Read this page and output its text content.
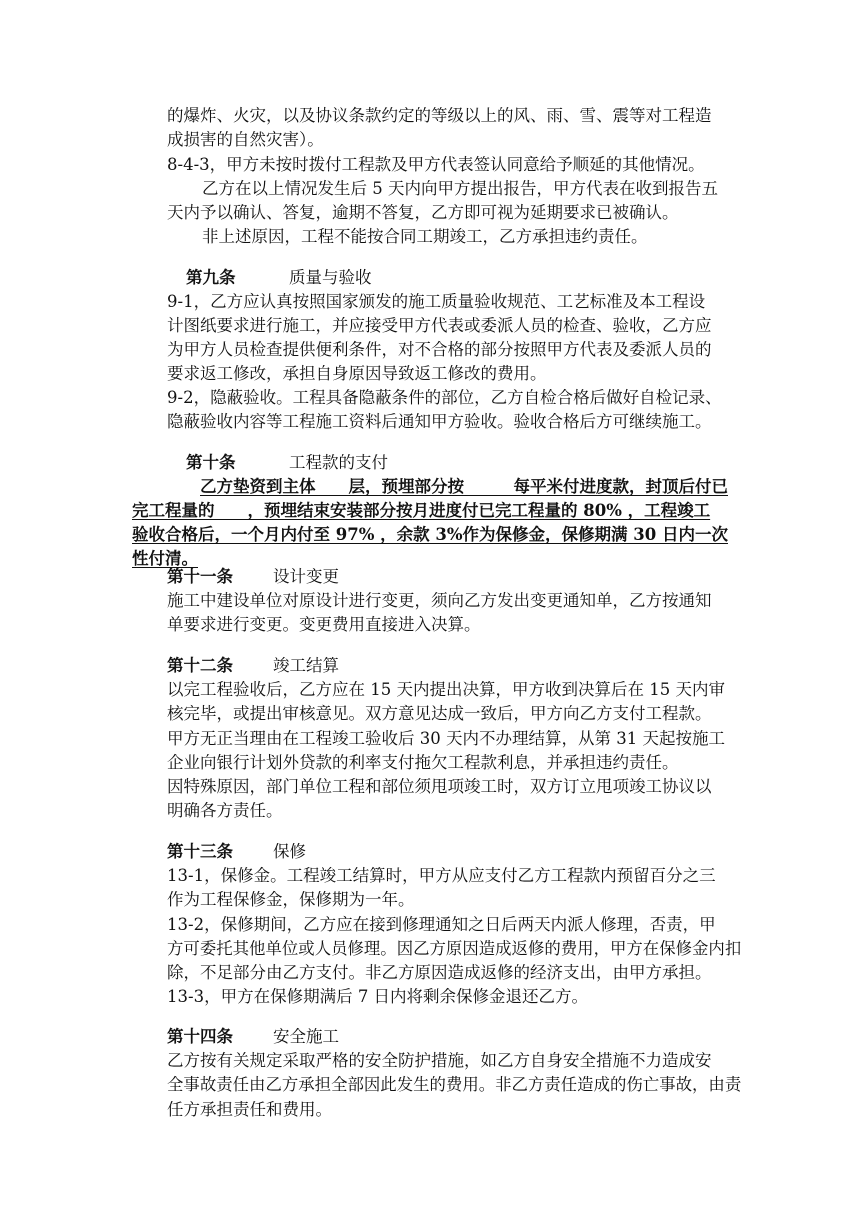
的爆炸、火灾，以及协议条款约定的等级以上的风、雨、雪、震等对工程造
成损害的自然灾害）。
8-4-3，甲方未按时拨付工程款及甲方代表签认同意给予顺延的其他情况。
乙方在以上情况发生后 5 天内向甲方提出报告，甲方代表在收到报告五
天内予以确认、答复，逾期不答复，乙方即可视为延期要求已被确认。
非上述原因，工程不能按合同工期竣工，乙方承担违约责任。
第九条	质量与验收
9-1，乙方应认真按照国家颁发的施工质量验收规范、工艺标准及本工程设
计图纸要求进行施工，并应接受甲方代表或委派人员的检查、验收，乙方应
为甲方人员检查提供便利条件，对不合格的部分按照甲方代表及委派人员的
要求返工修改，承担自身原因导致返工修改的费用。
9-2，隐蔽验收。工程具备隐蔽条件的部位，乙方自检合格后做好自检记录、
隐蔽验收内容等工程施工资料后通知甲方验收。验收合格后方可继续施工。
第十条	工程款的支付
乙方垫资到主体　　层，预埋部分按　　　每平米付进度款，封顶后付已
完工程量的　　，预埋结束安装部分按月进度付已完工程量的 80% ，工程竣工
验收合格后，一个月内付至 97% ，余款 3%作为保修金，保修期满 30 日内一次
性付清。
第十一条 设计变更
施工中建设单位对原设计进行变更，须向乙方发出变更通知单，乙方按通知
单要求进行变更。变更费用直接进入决算。
第十二条 竣工结算
以完工程验收后，乙方应在 15 天内提出决算，甲方收到决算后在 15 天内审
核完毕，或提出审核意见。双方意见达成一致后，甲方向乙方支付工程款。
甲方无正当理由在工程竣工验收后 30 天内不办理结算，从第 31 天起按施工
企业向银行计划外贷款的利率支付拖欠工程款利息，并承担违约责任。
因特殊原因，部门单位工程和部位须甩项竣工时，双方订立甩项竣工协议以
明确各方责任。
第十三条 保修
13-1，保修金。工程竣工结算时，甲方从应支付乙方工程款内预留百分之三
作为工程保修金，保修期为一年。
13-2，保修期间，乙方应在接到修理通知之日后两天内派人修理，否责，甲
方可委托其他单位或人员修理。因乙方原因造成返修的费用，甲方在保修金内扣
除，不足部分由乙方支付。非乙方原因造成返修的经济支出，由甲方承担。
13-3，甲方在保修期满后 7 日内将剩余保修金退还乙方。
第十四条 安全施工
乙方按有关规定采取严格的安全防护措施，如乙方自身安全措施不力造成安
全事故责任由乙方承担全部因此发生的费用。非乙方责任造成的伤亡事故，由责
任方承担责任和费用。
